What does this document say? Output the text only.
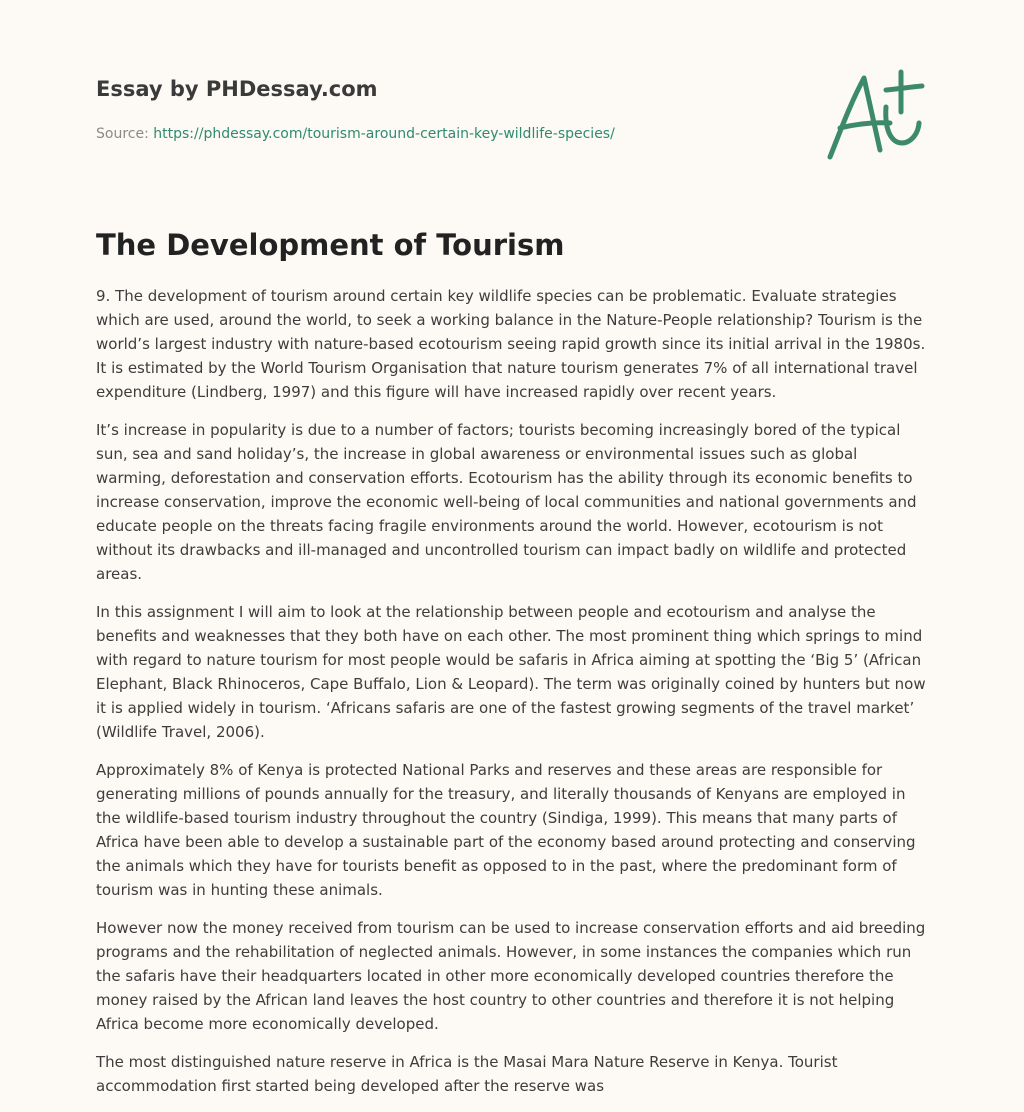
Essay by PHDessay.com
Source: https://phdessay.com/tourism-around-certain-key-wildlife-species/
The Development of Tourism

9. The development of tourism around certain key wildlife species can be problematic. Evaluate strategies which are used, around the world, to seek a working balance in the Nature-People relationship? Tourism is the world’s largest industry with nature-based ecotourism seeing rapid growth since its initial arrival in the 1980s. It is estimated by the World Tourism Organisation that nature tourism generates 7% of all international travel expenditure (Lindberg, 1997) and this figure will have increased rapidly over recent years.

It’s increase in popularity is due to a number of factors; tourists becoming increasingly bored of the typical sun, sea and sand holiday’s, the increase in global awareness or environmental issues such as global warming, deforestation and conservation efforts. Ecotourism has the ability through its economic benefits to increase conservation, improve the economic well-being of local communities and national governments and educate people on the threats facing fragile environments around the world. However, ecotourism is not without its drawbacks and ill-managed and uncontrolled tourism can impact badly on wildlife and protected areas.

In this assignment I will aim to look at the relationship between people and ecotourism and analyse the benefits and weaknesses that they both have on each other. The most prominent thing which springs to mind with regard to nature tourism for most people would be safaris in Africa aiming at spotting the ‘Big 5’ (African Elephant, Black Rhinoceros, Cape Buffalo, Lion & Leopard). The term was originally coined by hunters but now it is applied widely in tourism. ‘Africans safaris are one of the fastest growing segments of the travel market’ (Wildlife Travel, 2006).

Approximately 8% of Kenya is protected National Parks and reserves and these areas are responsible for generating millions of pounds annually for the treasury, and literally thousands of Kenyans are employed in the wildlife-based tourism industry throughout the country (Sindiga, 1999). This means that many parts of Africa have been able to develop a sustainable part of the economy based around protecting and conserving the animals which they have for tourists benefit as opposed to in the past, where the predominant form of tourism was in hunting these animals.

However now the money received from tourism can be used to increase conservation efforts and aid breeding programs and the rehabilitation of neglected animals. However, in some instances the companies which run the safaris have their headquarters located in other more economically developed countries therefore the money raised by the African land leaves the host country to other countries and therefore it is not helping Africa become more economically developed.

The most distinguished nature reserve in Africa is the Masai Mara Nature Reserve in Kenya. Tourist accommodation first started being developed after the reserve was
